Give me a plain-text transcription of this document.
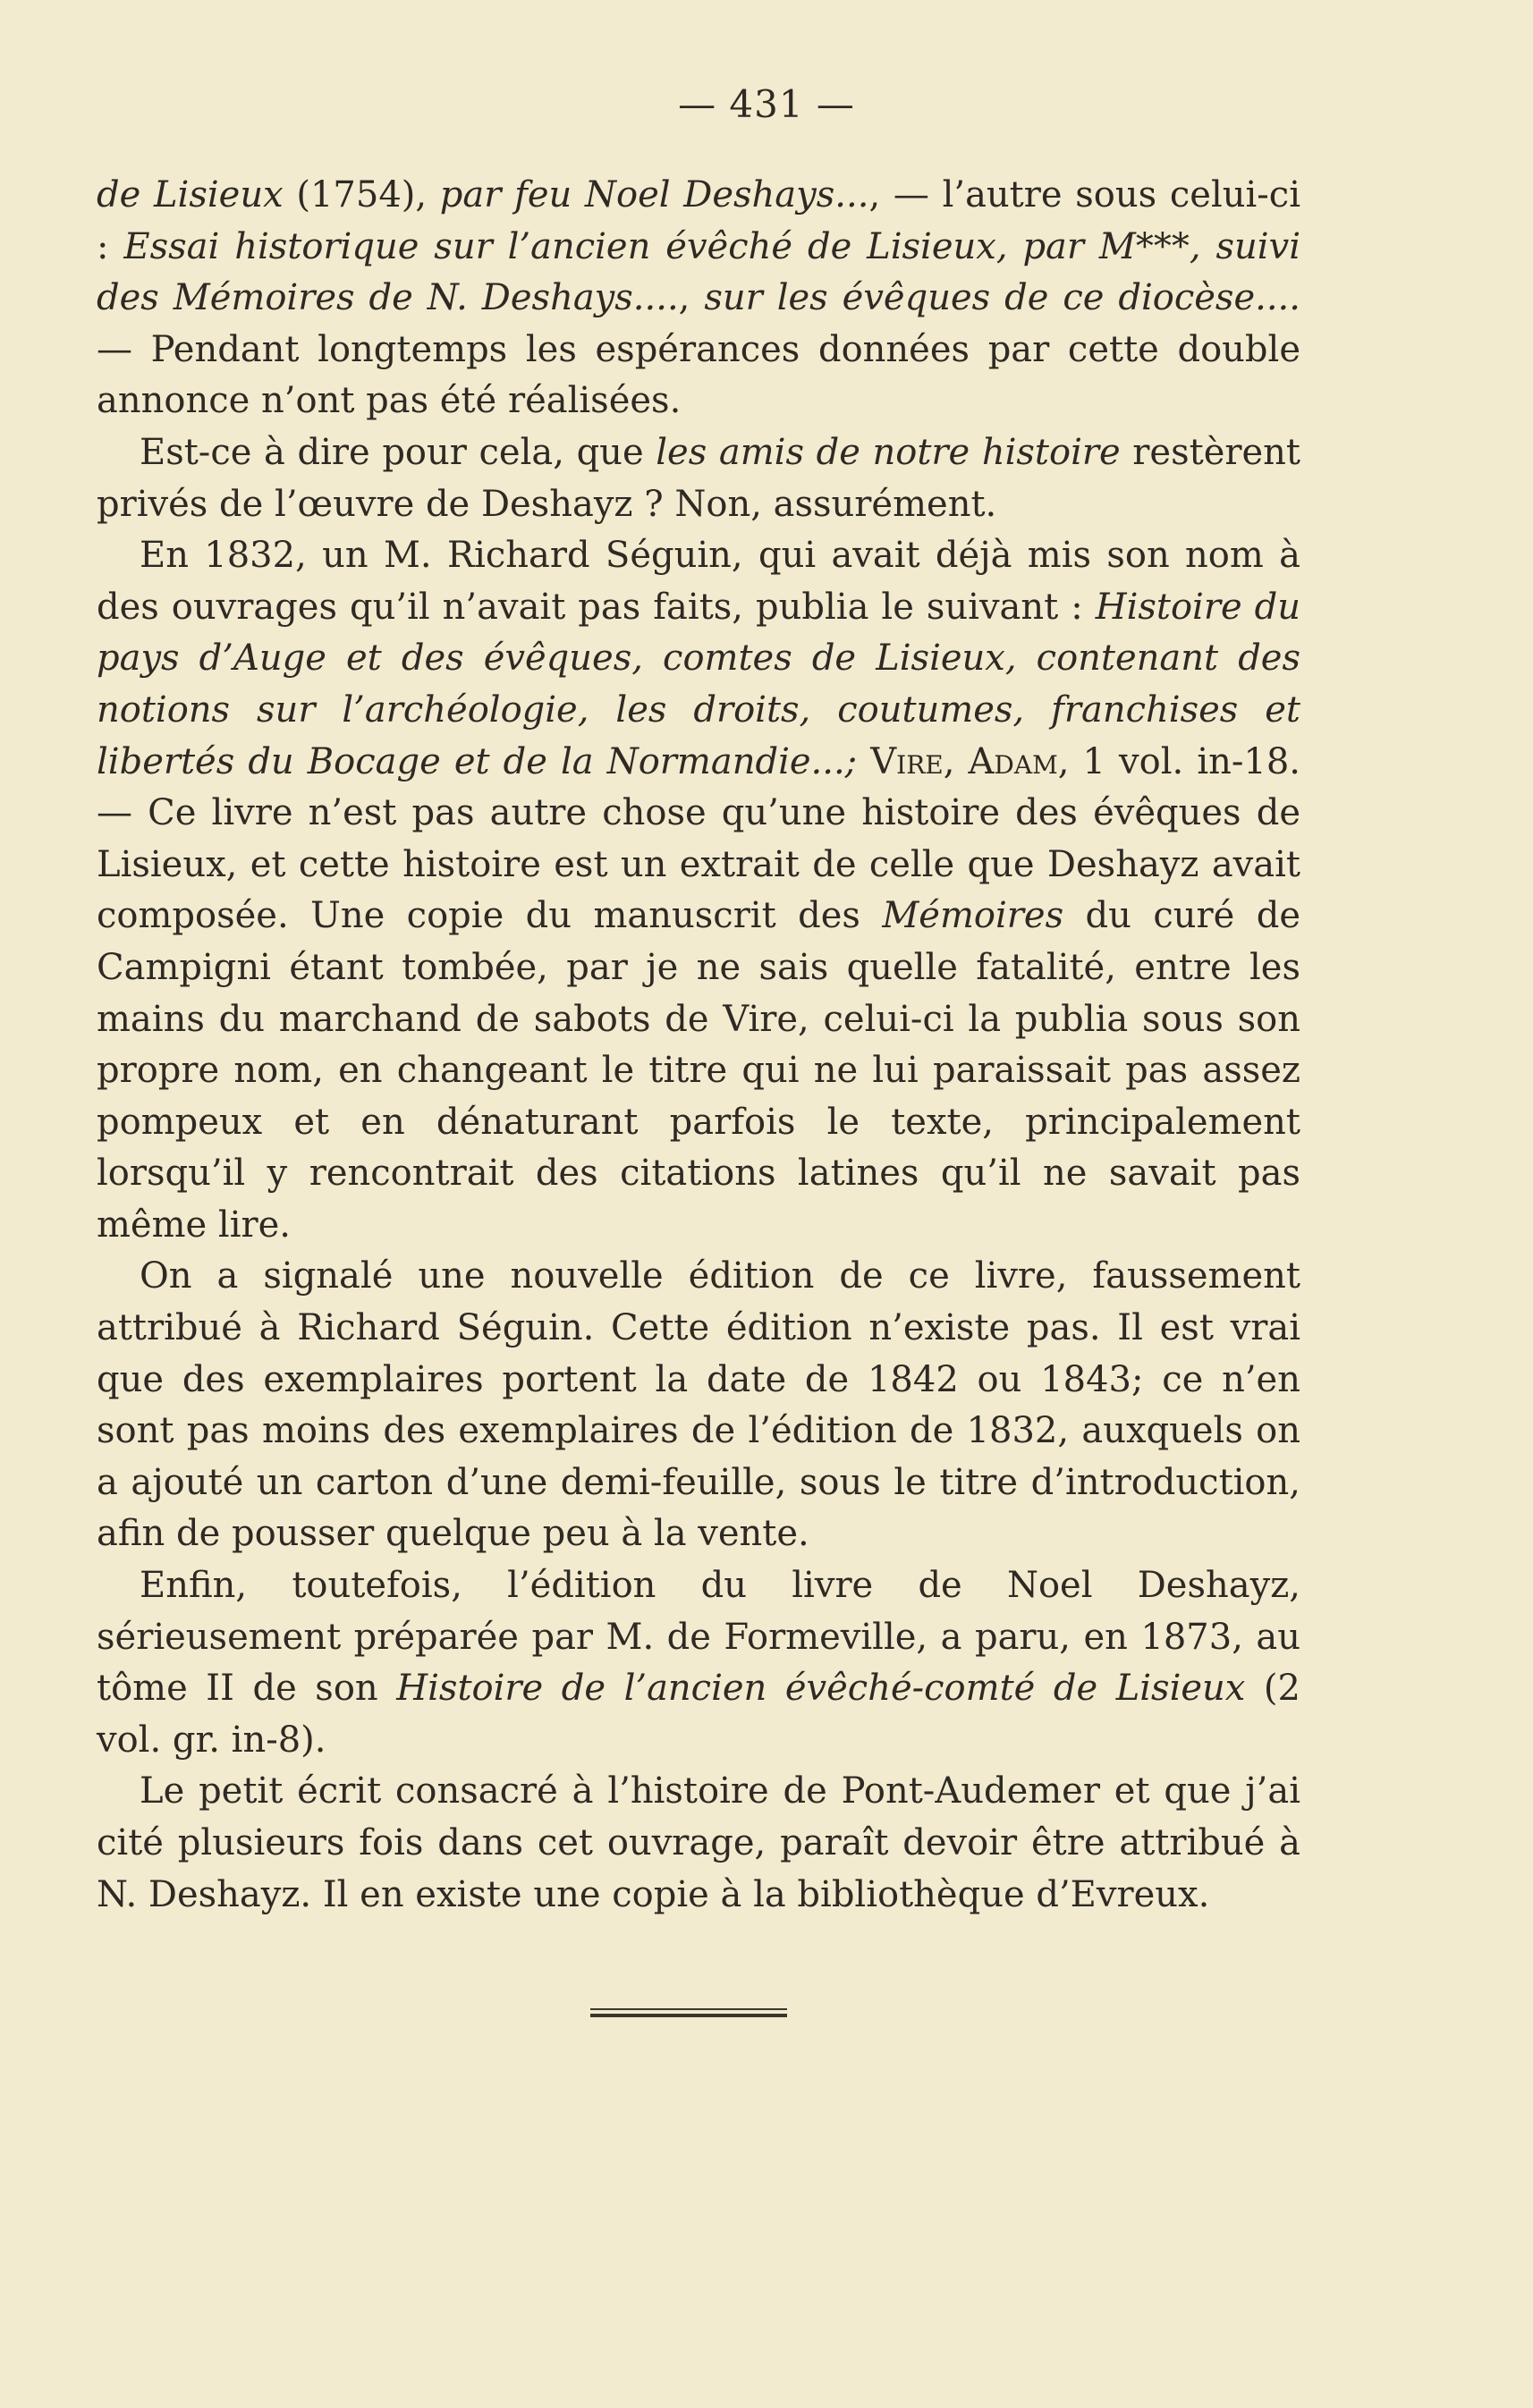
— 431 —

de Lisieux (1754), par feu Noel Deshays..., — l’autre sous celui-ci : Essai historique sur l’ancien évêché de Lisieux, par M***, suivi des Mémoires de N. Deshays...., sur les évêques de ce diocèse.... — Pendant longtemps les espérances données par cette double annonce n’ont pas été réalisées.

Est-ce à dire pour cela, que les amis de notre histoire restèrent privés de l’œuvre de Deshayz ? Non, assurément.

En 1832, un M. Richard Séguin, qui avait déjà mis son nom à des ouvrages qu’il n’avait pas faits, publia le suivant : Histoire du pays d’Auge et des évêques, comtes de Lisieux, contenant des notions sur l’archéologie, les droits, coutumes, franchises et libertés du Bocage et de la Normandie...; Vire, Adam, 1 vol. in-18. — Ce livre n’est pas autre chose qu’une histoire des évêques de Lisieux, et cette histoire est un extrait de celle que Deshayz avait composée. Une copie du manuscrit des Mémoires du curé de Campigni étant tombée, par je ne sais quelle fatalité, entre les mains du marchand de sabots de Vire, celui-ci la publia sous son propre nom, en changeant le titre qui ne lui paraissait pas assez pompeux et en dénaturant parfois le texte, principalement lorsqu’il y rencontrait des citations latines qu’il ne savait pas même lire.

On a signalé une nouvelle édition de ce livre, faussement attribué à Richard Séguin. Cette édition n’existe pas. Il est vrai que des exemplaires portent la date de 1842 ou 1843; ce n’en sont pas moins des exemplaires de l’édition de 1832, auxquels on a ajouté un carton d’une demi-feuille, sous le titre d’introduction, afin de pousser quelque peu à la vente.

Enfin, toutefois, l’édition du livre de Noel Deshayz, sérieusement préparée par M. de Formeville, a paru, en 1873, au tôme II de son Histoire de l’ancien évêché-comté de Lisieux (2 vol. gr. in-8).

Le petit écrit consacré à l’histoire de Pont-Audemer et que j’ai cité plusieurs fois dans cet ouvrage, paraît devoir être attribué à N. Deshayz. Il en existe une copie à la bibliothèque d’Evreux.
